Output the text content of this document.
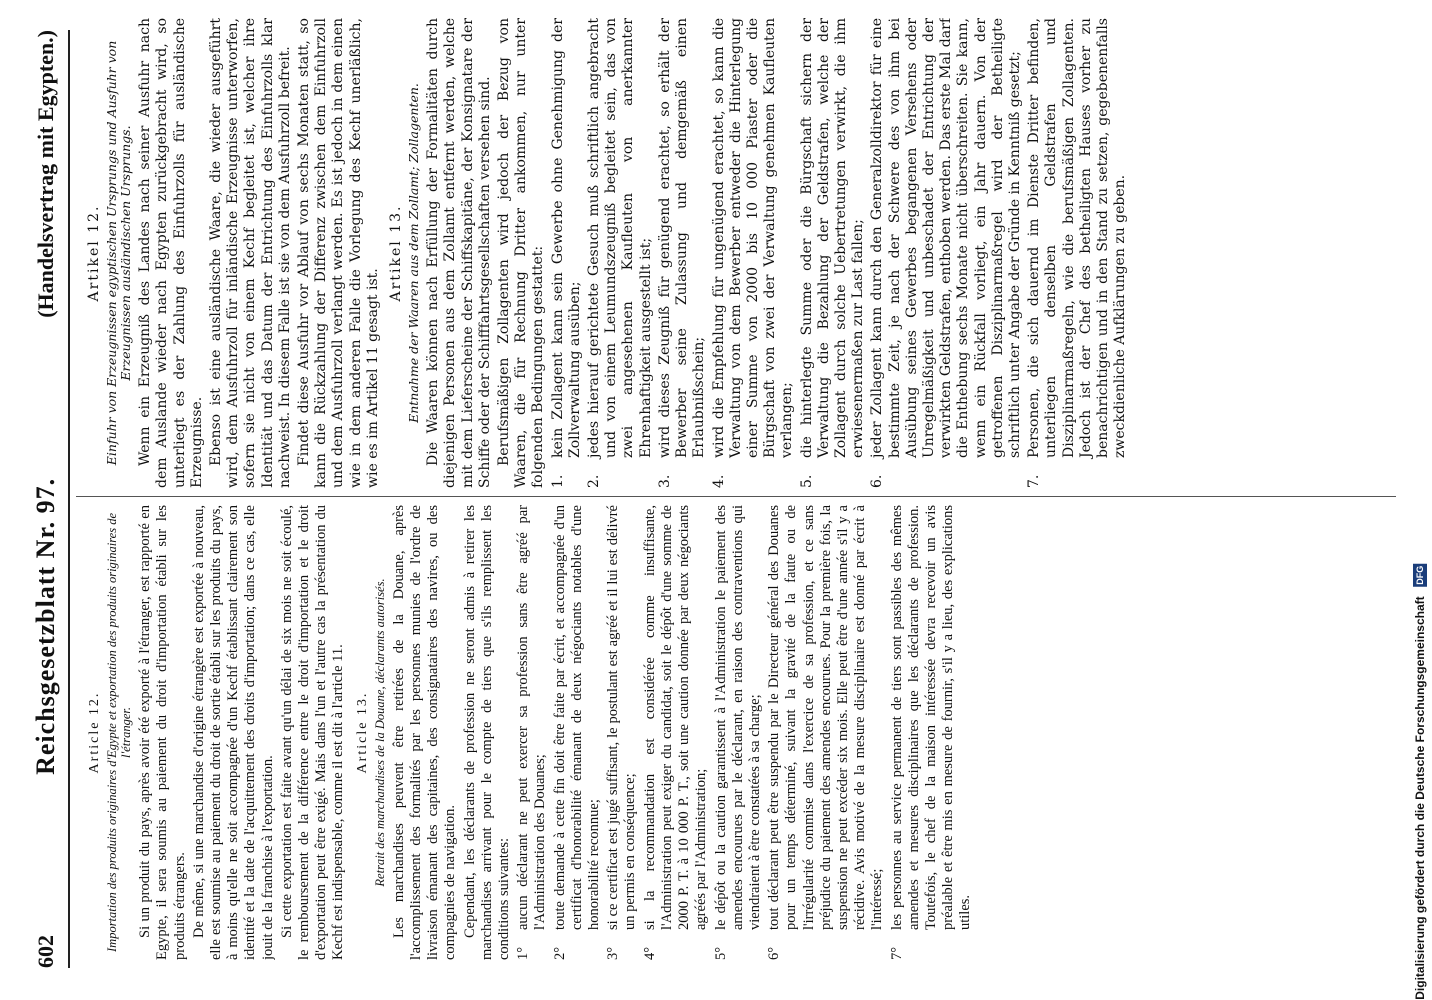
602
Reichsgesetzblatt Nr. 97.
(Handelsvertrag mit Egypten.)
Article 12. Importation des produits originaires d'Egypte et exportation des produits originaires de l'étranger. Si un produit du pays, après avoir été exporté à l'étranger, est rapporté en Egypte, il sera soumis au paiement du droit d'importation établi sur les produits étrangers. De même, si une marchandise d'origine étrangère est exportée à nouveau, elle est soumise au paiement du droit de sortie établi sur les produits du pays, à moins qu'elle ne soit accompagnée d'un Kechf établissant clairement son identité et la date de l'acquittement des droits d'importation; dans ce cas, elle jouit de la franchise à l'exportation. Si cette exportation est faite avant qu'un délai de six mois ne soit écoulé, le remboursement de la différence entre le droit d'importation et le droit d'exportation peut être exigé. Mais dans l'un et l'autre cas la présentation du Kechf est indispensable, comme il est dit à l'article 11. Article 13. Retrait des marchandises de la Douane, déclarants autorisés. Les marchandises peuvent être retirées de la Douane, après l'accomplissement des formalités par les personnes munies de l'ordre de livraison émanant des capitaines, des consignataires des navires, ou des compagnies de navigation. Cependant, les déclarants de profession ne seront admis à retirer les marchandises arrivant pour le compte de tiers que s'ils remplissent les conditions suivantes: 1°
aucun déclarant ne peut exercer sa profession sans être agréé par l'Administration des Douanes;
2°
toute demande à cette fin doit être faite par écrit, et accompagnée d'un certificat d'honorabilité émanant de deux négociants notables d'une honorabilité reconnue;
3°
si ce certificat est jugé suffisant, le postulant est agréé et il lui est délivré un permis en conséquence;
4°
si la recommandation est considérée comme insuffisante, l'Administration peut exiger du candidat, soit le dépôt d'une somme de 2000 P. T. à 10 000 P. T., soit une caution donnée par deux négociants agréés par l'Administration;
5°
le dépôt ou la caution garantissent à l'Administration le paiement des amendes encourues par le déclarant, en raison des contraventions qui viendraient à être constatées à sa charge;
6°
tout déclarant peut être suspendu par le Directeur général des Douanes pour un temps déterminé, suivant la gravité de la faute ou de l'irrégularité commise dans l'exercice de sa profession, et ce sans préjudice du paiement des amendes encourues. Pour la première fois, la suspension ne peut excéder six mois. Elle peut être d'une année s'il y a récidive. Avis motivé de la mesure disciplinaire est donné par écrit à l'intéressé;
7°
les personnes au service permanent de tiers sont passibles des mêmes amendes et mesures disciplinaires que les déclarants de profession. Toutefois, le chef de la maison intéressée devra recevoir un avis préalable et être mis en mesure de fournir, s'il y a lieu, des explications utiles.
Artikel 12. Einfuhr von Erzeugnissen egyptischen Ursprungs und Ausfuhr von Erzeugnissen ausländischen Ursprungs. Wenn ein Erzeugniß des Landes nach seiner Ausfuhr nach dem Auslande wieder nach Egypten zurückgebracht wird, so unterliegt es der Zahlung des Einfuhrzolls für ausländische Erzeugnisse. Ebenso ist eine ausländische Waare, die wieder ausgeführt wird, dem Ausfuhrzoll für inländische Erzeugnisse unterworfen, sofern sie nicht von einem Kechf begleitet ist, welcher ihre Identität und das Datum der Entrichtung des Einfuhrzolls klar nachweist. In diesem Falle ist sie von dem Ausfuhrzoll befreit. Findet diese Ausfuhr vor Ablauf von sechs Monaten statt, so kann die Rückzahlung der Differenz zwischen dem Einfuhrzoll und dem Ausfuhrzoll verlangt werden. Es ist jedoch in dem einen wie in dem anderen Falle die Vorlegung des Kechf unerläßlich, wie es im Artikel 11 gesagt ist.

Artikel 13. Entnahme der Waaren aus dem Zollamt; Zollagenten. Die Waaren können nach Erfüllung der Formalitäten durch diejenigen Personen aus dem Zollamt entfernt werden, welche mit dem Lieferscheine der Schiffskapitäne, der Konsignatare der Schiffe oder der Schifffahrtsgesellschaften versehen sind. Berufsmäßigen Zollagenten wird jedoch der Bezug von Waaren, die für Rechnung Dritter ankommen, nur unter folgenden Bedingungen gestattet: 1.
kein Zollagent kann sein Gewerbe ohne Genehmigung der Zollverwaltung ausüben;
2.
jedes hierauf gerichtete Gesuch muß schriftlich angebracht und von einem Leumundszeugniß begleitet sein, das von zwei angesehenen Kaufleuten von anerkannter Ehrenhaftigkeit ausgestellt ist;
3.
wird dieses Zeugniß für genügend erachtet, so erhält der Bewerber seine Zulassung und demgemäß einen Erlaubnißschein;
4.
wird die Empfehlung für ungenügend erachtet, so kann die Verwaltung von dem Bewerber entweder die Hinterlegung einer Summe von 2000 bis 10 000 Piaster oder die Bürgschaft von zwei der Verwaltung genehmen Kaufleuten verlangen;
5.
die hinterlegte Summe oder die Bürgschaft sichern der Verwaltung die Bezahlung der Geldstrafen, welche der Zollagent durch solche Uebertretungen verwirkt, die ihm erwiesenermaßen zur Last fallen;
6.
jeder Zollagent kann durch den Generalzolldirektor für eine bestimmte Zeit, je nach der Schwere des von ihm bei Ausübung seines Gewerbes begangenen Versehens oder Unregelmäßigkeit und unbeschadet der Entrichtung der verwirkten Geldstrafen, enthoben werden. Das erste Mal darf die Enthebung sechs Monate nicht überschreiten. Sie kann, wenn ein Rückfall vorliegt, ein Jahr dauern. Von der getroffenen Disziplinarmaßregel wird der Betheiligte schriftlich unter Angabe der Gründe in Kenntniß gesetzt;
7.
Personen, die sich dauernd im Dienste Dritter befinden, unterliegen denselben Geldstrafen und Disziplinarmaßregeln, wie die berufsmäßigen Zollagenten. Jedoch ist der Chef des betheiligten Hauses vorher zu benachrichtigen und in den Stand zu setzen, gegebenenfalls zweckdienliche Aufklärungen zu geben.
Digitalisierung gefördert durch die Deutsche Forschungsgemeinschaft DFG
